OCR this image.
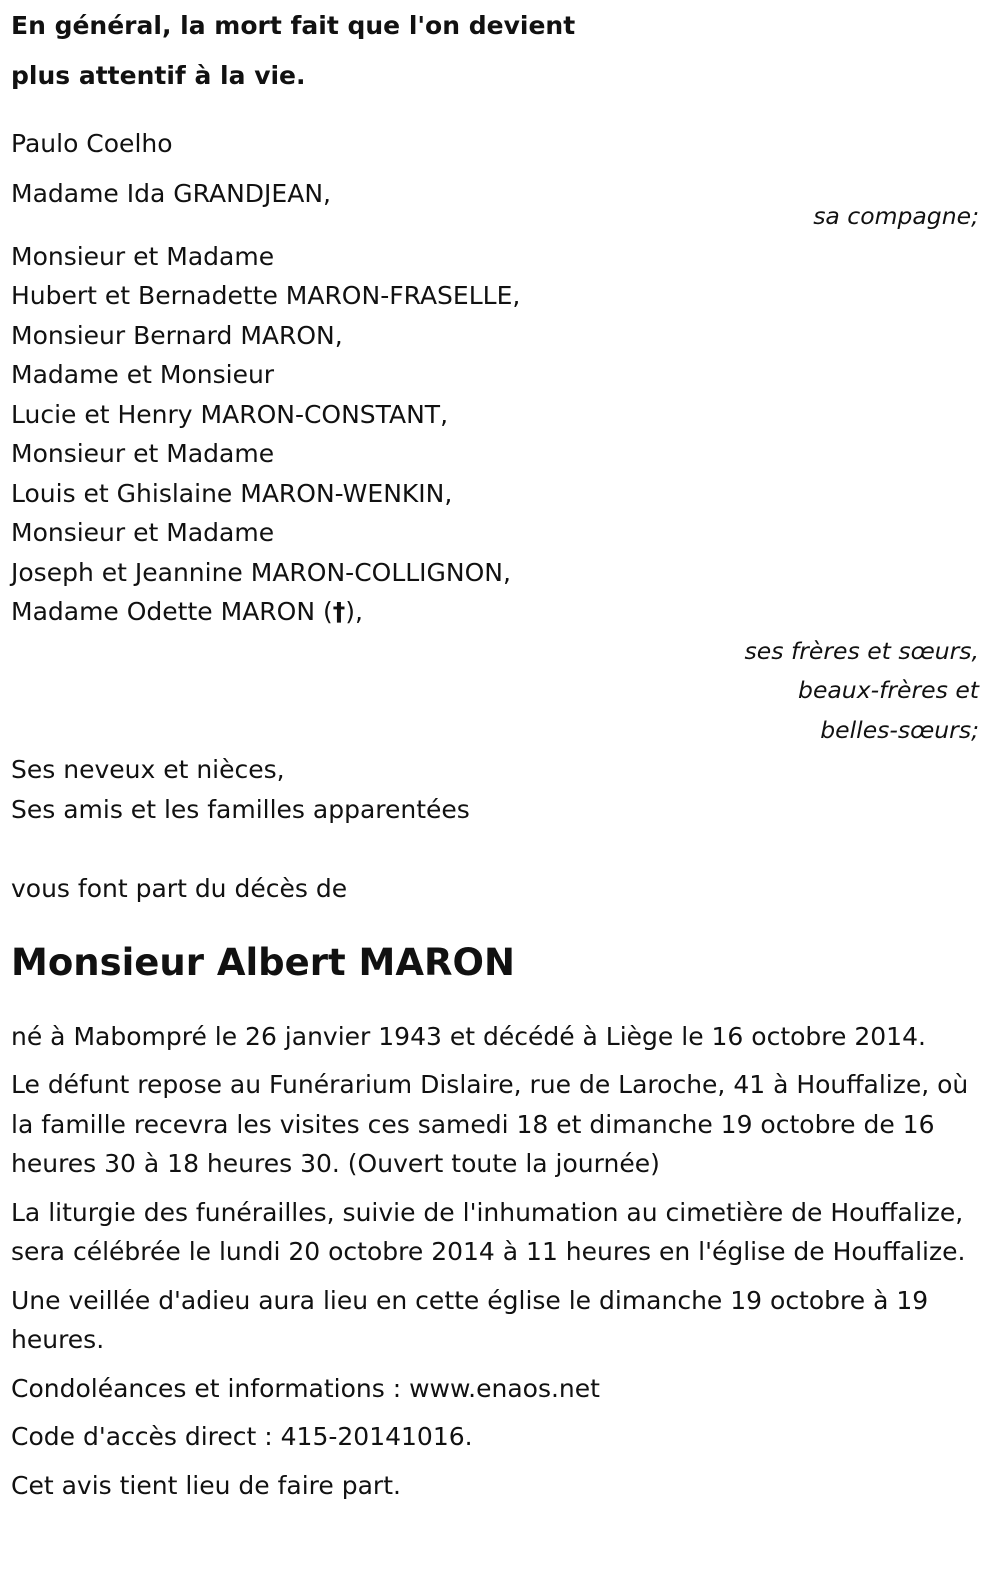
En général, la mort fait que l'on devient

plus attentif à la vie.

Paulo Coelho

Madame Ida GRANDJEAN,

sa compagne;

Monsieur et Madame

Hubert et Bernadette MARON-FRASELLE,

Monsieur Bernard MARON,

Madame et Monsieur

Lucie et Henry MARON-CONSTANT,

Monsieur et Madame

Louis et Ghislaine MARON-WENKIN,

Monsieur et Madame

Joseph et Jeannine MARON-COLLIGNON,

Madame Odette MARON (†),

ses frères et sœurs,

beaux-frères et

belles-sœurs;

Ses neveux et nièces,

Ses amis et les familles apparentées

vous font part du décès de

Monsieur Albert MARON

né à Mabompré le 26 janvier 1943 et décédé à Liège le 16 octobre 2014.

Le défunt repose au Funérarium Dislaire, rue de Laroche, 41 à Houffalize, où la famille recevra les visites ces samedi 18 et dimanche 19 octobre de 16 heures 30 à 18 heures 30. (Ouvert toute la journée)

La liturgie des funérailles, suivie de l'inhumation au cimetière de Houffalize, sera célébrée le lundi 20 octobre 2014 à 11 heures en l'église de Houffalize.

Une veillée d'adieu aura lieu en cette église le dimanche 19 octobre à 19 heures.

Condoléances et informations : www.enaos.net

Code d'accès direct : 415-20141016.

Cet avis tient lieu de faire part.
